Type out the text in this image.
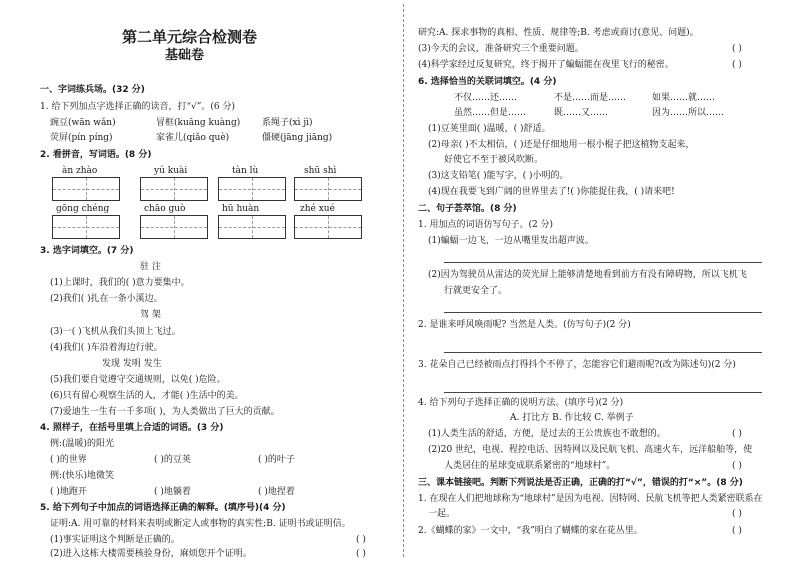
第二单元综合检测卷
基础卷
一、字词练兵场。(32 分)
1. 给下列加点字选择正确的读音，打“√”。(6 分)
豌豆(wān wǎn)	冒框(kuāng kuàng) 系绳子(xì jì)
荧屏(pín píng)	家雀儿(qiǎo què)	僵硬(jāng jiāng)
2. 看拼音，写词语。(8 分)
àn zhào	yú kuài	tàn lù	shū shì
gōng chéng	chāo guò	hū huàn	zhé xué
3. 选字词填空。(7 分)
驻 注
(1)上课时，我们的( )意力要集中。
(2)我们( )扎在一条小溪边。
驾 架
(3)一( )飞机从我们头顶上飞过。
(4)我们( )车沿着海边行驶。
发现 发明 发生
(5)我们要自觉遵守交通规则，以免( )危险。
(6)只有留心观察生活的人，才能( )生活中的美。
(7)爱迪生一生有一千多项( )，为人类做出了巨大的贡献。
4. 照样子，在括号里填上合适的词语。(3 分)
例:(温暖)的阳光
( )的世界	( )的豆荚	( )的叶子
例:(快乐)地微笑
( )地跑开	( )地躺着	( )地捏着
5. 给下列句子中加点的词语选择正确的解释。(填序号)(4 分)
证明:A. 用可靠的材料来表明或断定人或事物的真实性;B. 证明书或证明信。
(1)事实证明这个判断是正确的。	( )
(2)进入这栋大楼需要核验身份，麻烦您开个证明。	( )
研究:A. 探求事物的真相、性质、规律等;B. 考虑或商讨(意见、问题)。
(3)今天的会议，准备研究三个重要问题。	( )
(4)科学家经过反复研究，终于揭开了蝙蝠能在夜里飞行的秘密。	( )
6. 选择恰当的关联词填空。(4 分)
不仅……还……	不是……而是……	如果……就……
虽然……但是……	既……又……	因为……所以……
(1)豆荚里面( )温暖，( )舒适。
(2)母亲( )不太相信，( )还是仔细地用一根小棍子把这植物支起来，
好使它不至于被风吹断。
(3)这支铅笔( )能写字，( )小明的。
(4)现在我要飞到广阔的世界里去了!( )你能捉住我，( )请来吧!
二、句子荟萃馆。(8 分)
1. 用加点的词语仿写句子。(2 分)
(1)蝙蝠一边飞，一边从嘴里发出超声波。
(2)因为驾驶员从雷达的荧光屏上能够清楚地看到前方有没有障碍物，所以飞机飞
行就更安全了。
2. 是谁来呼风唤雨呢? 当然是人类。(仿写句子)(2 分)
3. 花朵自己已经被雨点打得抖个不停了，怎能容它们避雨呢?(改为陈述句)(2 分)
4. 给下列句子选择正确的说明方法。(填序号)(2 分)
A. 打比方 B. 作比较 C. 举例子
(1)人类生活的舒适，方便，是过去的王公贵族也不敢想的。	( )
(2)20 世纪，电视、程控电话、因特网以及民航飞机、高速火车，远洋船舶等，使
人类居住的星球变成联系紧密的“地球村”。	( )
三、课本链接吧。判断下列说法是否正确，正确的打“√”，错误的打“×”。(8 分)
1. 在现在人们把地球称为“地球村”是因为电视、因特网、民航飞机等把人类紧密联系在
一起。	( )
2.《蝴蝶的家》一文中，“我”明白了蝴蝶的家在花丛里。	( )
